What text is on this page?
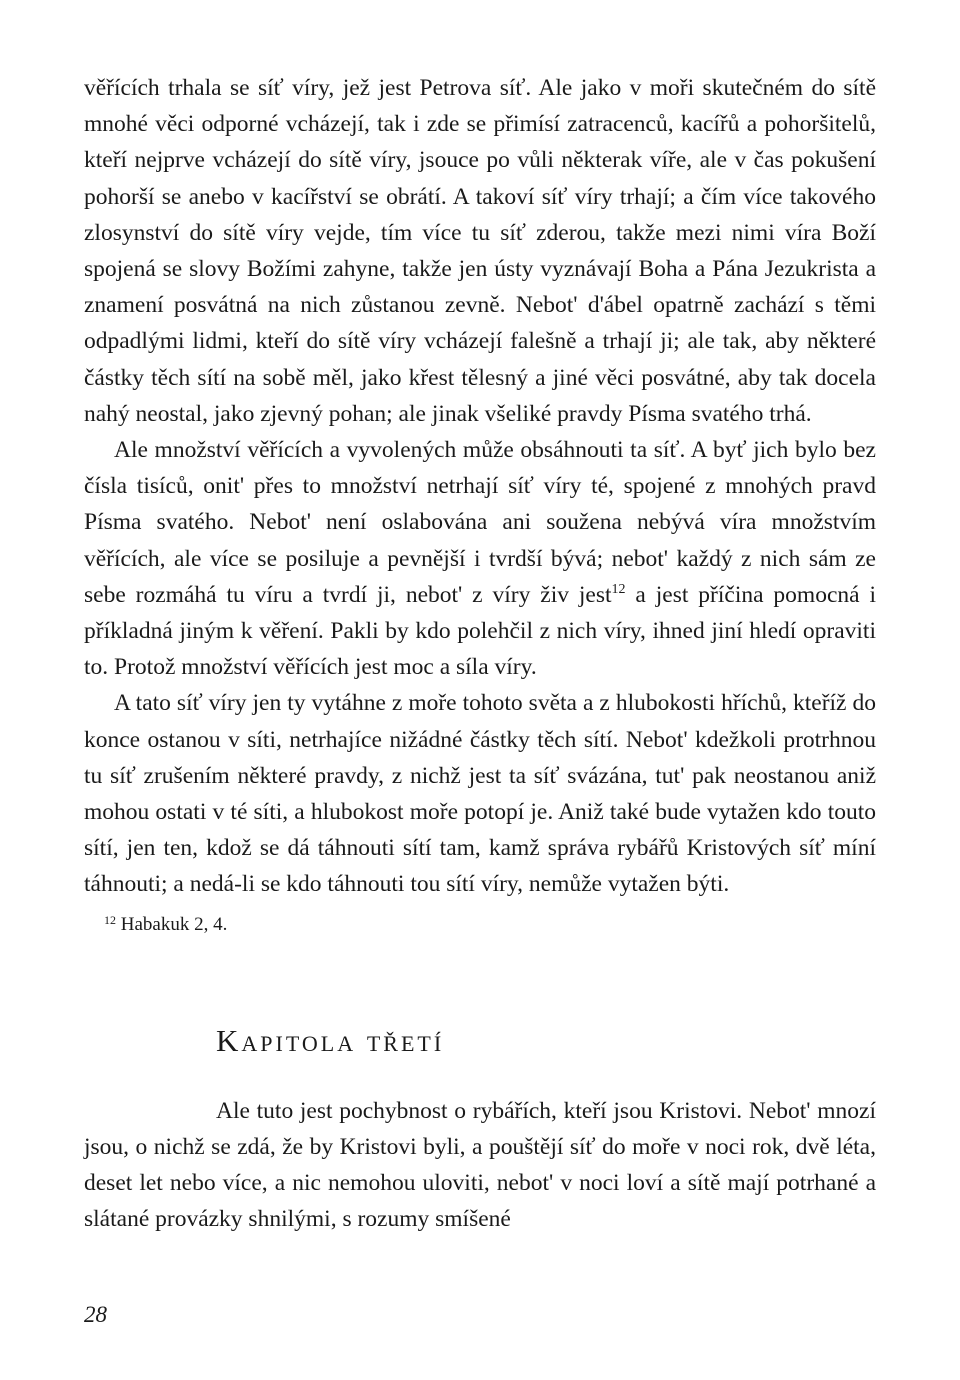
věřících trhala se síť víry, jež jest Petrova síť. Ale jako v moři skutečném do sítě mnohé věci odporné vcházejí, tak i zde se přimísí zatracenců, kacířů a pohoršitelů, kteří nejprve vcházejí do sítě víry, jsouce po vůli některak víře, ale v čas pokušení pohorší se anebo v kacířství se obrátí. A takoví síť víry trhají; a čím více takového zlosynství do sítě víry vejde, tím více tu síť zderou, takže mezi nimi víra Boží spojená se slovy Božími zahyne, takže jen ústy vyznávají Boha a Pána Jezukrista a znamení posvátná na nich zůstanou zevně. Nebot' d'ábel opatrně zachází s těmi odpadlými lidmi, kteří do sítě víry vcházejí falešně a trhají ji; ale tak, aby některé částky těch sítí na sobě měl, jako křest tělesný a jiné věci posvátné, aby tak docela nahý neostal, jako zjevný pohan; ale jinak všeliké pravdy Písma svatého trhá.

Ale množství věřících a vyvolených může obsáhnouti ta síť. A byť jich bylo bez čísla tisíců, onit' přes to množství netrhají síť víry té, spojené z mnohých pravd Písma svatého. Nebot' není oslabována ani soužena nebývá víra množstvím věřících, ale více se posiluje a pevnější i tvrdší bývá; nebot' každý z nich sám ze sebe rozmáhá tu víru a tvrdí ji, nebot' z víry živ jest$^{12}$ a jest příčina pomocná i příkladná jiným k věření. Pakli by kdo polehčil z nich víry, ihned jiní hledí opraviti to. Protož množství věřících jest moc a síla víry.

A tato síť víry jen ty vytáhne z moře tohoto světa a z hlubokosti hříchů, kteříž do konce ostanou v síti, netrhajíce nižádné částky těch sítí. Nebot' kdežkoli protrhnou tu síť zrušením některé pravdy, z nichž jest ta síť svázána, tut' pak neostanou aniž mohou ostati v té síti, a hlubokost moře potopí je. Aniž také bude vytažen kdo touto sítí, jen ten, kdož se dá táhnouti sítí tam, kamž správa rybářů Kristových síť míní táhnouti; a nedá-li se kdo táhnouti tou sítí víry, nemůže vytažen býti.

$^{12}$ Habakuk 2, 4.
Kapitola třetí

Ale tuto jest pochybnost o rybářích, kteří jsou Kristovi. Nebot' mnozí jsou, o nichž se zdá, že by Kristovi byli, a pouštějí síť do moře v noci rok, dvě léta, deset let nebo více, a nic nemohou uloviti, nebot' v noci loví a sítě mají potrhané a slátané provázky shnilými, s rozumy smíšené

28
